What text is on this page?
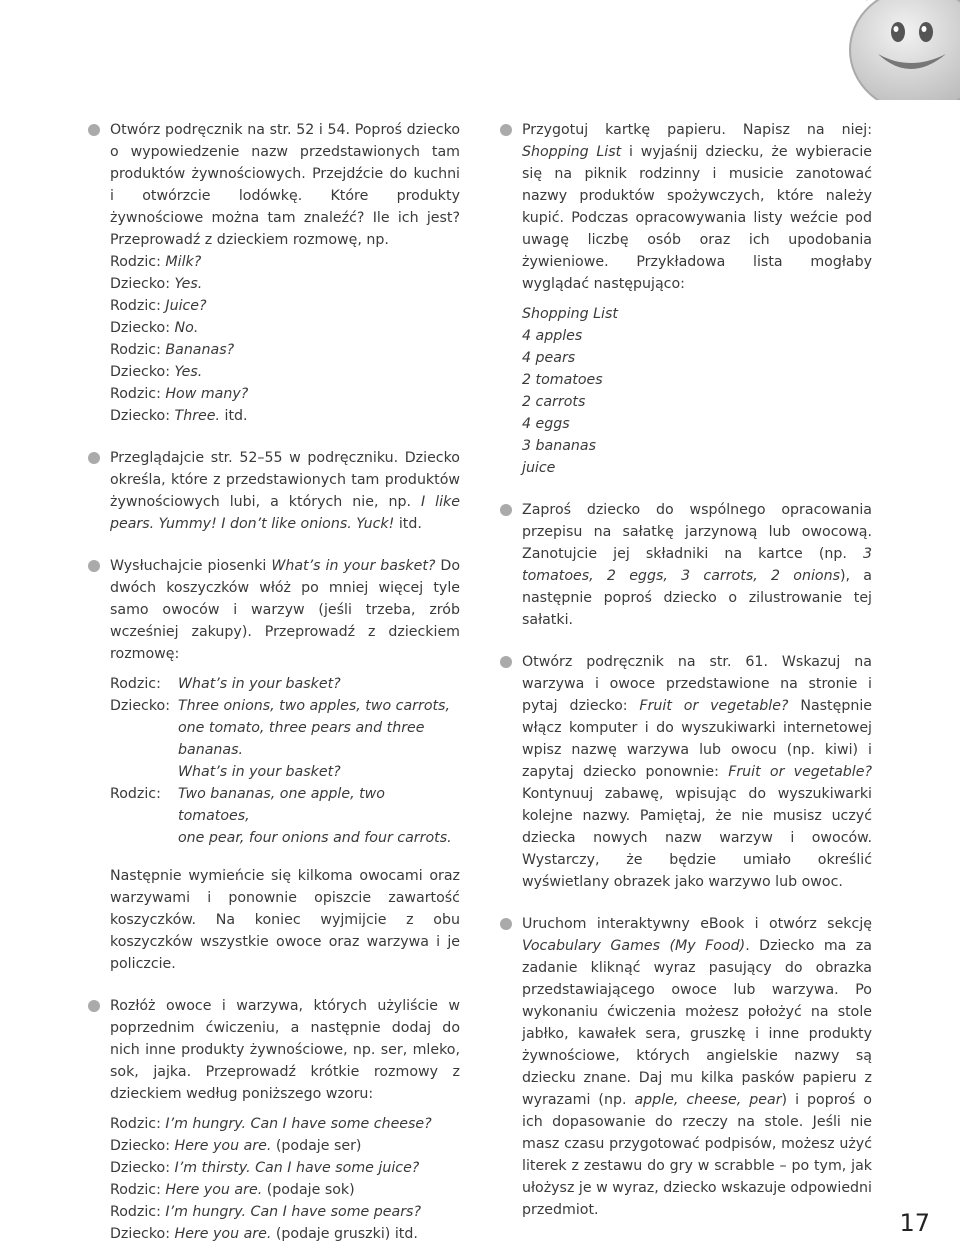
Otwórz podręcznik na str. 52 i 54. Poproś dziecko o wypowiedzenie nazw przedstawionych tam produktów żywnościowych. Przejdźcie do kuchni i otwórzcie lodówkę. Które produkty żywnościowe można tam znaleźć? Ile ich jest? Przeprowadź z dzieckiem rozmowę, np.

Rodzic: Milk?
Dziecko: Yes.
Rodzic: Juice?
Dziecko: No.
Rodzic: Bananas?
Dziecko: Yes.
Rodzic: How many?
Dziecko: Three. itd.

Przeglądajcie str. 52–55 w podręczniku. Dziecko określa, które z przedstawionych tam produktów żywnościowych lubi, a których nie, np. I like pears. Yummy! I don’t like onions. Yuck! itd.

Wysłuchajcie piosenki What’s in your basket? Do dwóch koszyczków włóż po mniej więcej tyle samo owoców i warzyw (jeśli trzeba, zrób wcześniej zakupy). Przeprowadź z dzieckiem rozmowę:

Rodzic:	What’s in your basket?
Dziecko: Three onions, two apples, two carrots,
one tomato, three pears and three bananas.
What’s in your basket?
Rodzic:	Two bananas, one apple, two tomatoes,
one pear, four onions and four carrots.

Następnie wymieńcie się kilkoma owocami oraz warzywami i ponownie opiszcie zawartość koszyczków. Na koniec wyjmijcie z obu koszyczków wszystkie owoce oraz warzywa i je policzcie.

Rozłóż owoce i warzywa, których użyliście w poprzednim ćwiczeniu, a następnie dodaj do nich inne produkty żywnościowe, np. ser, mleko, sok, jajka. Przeprowadź krótkie rozmowy z dzieckiem według poniższego wzoru:

Rodzic: I’m hungry. Can I have some cheese?
Dziecko: Here you are. (podaje ser)
Dziecko: I’m thirsty. Can I have some juice?
Rodzic: Here you are. (podaje sok)
Rodzic: I’m hungry. Can I have some pears?
Dziecko: Here you are. (podaje gruszki) itd.

Przygotuj kartkę papieru. Napisz na niej: Shopping List i wyjaśnij dziecku, że wybieracie się na piknik rodzinny i musicie zanotować nazwy produktów spożywczych, które należy kupić. Podczas opracowywania listy weźcie pod uwagę liczbę osób oraz ich upodobania żywieniowe. Przykładowa lista mogłaby wyglądać następująco:

Shopping List
4 apples
4 pears
2 tomatoes
2 carrots
4 eggs
3 bananas
juice

Zaproś dziecko do wspólnego opracowania przepisu na sałatkę jarzynową lub owocową. Zanotujcie jej składniki na kartce (np. 3 tomatoes, 2 eggs, 3 carrots, 2 onions), a następnie poproś dziecko o zilustrowanie tej sałatki.

Otwórz podręcznik na str. 61. Wskazuj na warzywa i owoce przedstawione na stronie i pytaj dziecko: Fruit or vegetable? Następnie włącz komputer i do wyszukiwarki internetowej wpisz nazwę warzywa lub owocu (np. kiwi) i zapytaj dziecko ponownie: Fruit or vegetable? Kontynuuj zabawę, wpisując do wyszukiwarki kolejne nazwy. Pamiętaj, że nie musisz uczyć dziecka nowych nazw warzyw i owoców. Wystarczy, że będzie umiało określić wyświetlany obrazek jako warzywo lub owoc.

Uruchom interaktywny eBook i otwórz sekcję Vocabulary Games (My Food). Dziecko ma za zadanie kliknąć wyraz pasujący do obrazka przedstawiającego owoce lub warzywa. Po wykonaniu ćwiczenia możesz położyć na stole jabłko, kawałek sera, gruszkę i inne produkty żywnościowe, których angielskie nazwy są dziecku znane. Daj mu kilka pasków papieru z wyrazami (np. apple, cheese, pear) i poproś o ich dopasowanie do rzeczy na stole. Jeśli nie masz czasu przygotować podpisów, możesz użyć literek z zestawu do gry w scrabble – po tym, jak ułożysz je w wyraz, dziecko wskazuje odpowiedni przedmiot.	17
